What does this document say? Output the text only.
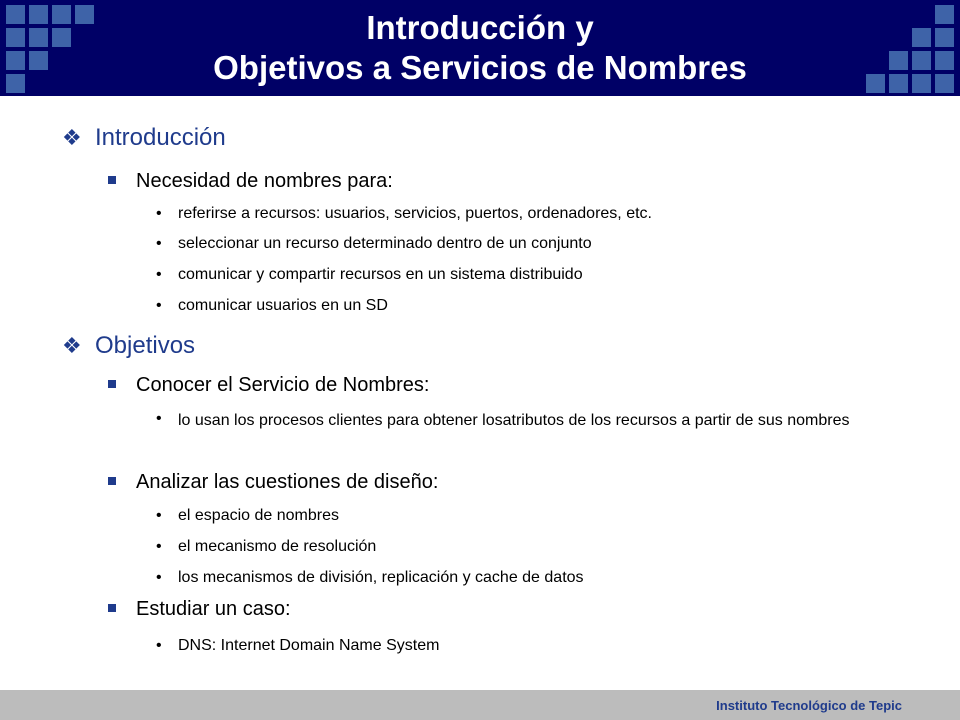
Introducción y
Objetivos a Servicios de Nombres
❖ Introducción
Necesidad de nombres para:
• referirse a recursos: usuarios, servicios, puertos, ordenadores, etc.
• seleccionar un recurso determinado dentro de un conjunto
• comunicar y compartir recursos en un sistema distribuido
• comunicar usuarios en un SD
❖ Objetivos
Conocer el Servicio de Nombres:
• lo usan los procesos clientes para obtener losatributos de los recursos a partir de sus nombres
Analizar las cuestiones de diseño:
• el espacio de nombres
• el mecanismo de resolución
• los mecanismos de división, replicación y cache de datos
Estudiar un caso:
• DNS: Internet Domain Name System
Instituto Tecnológico de Tepic
